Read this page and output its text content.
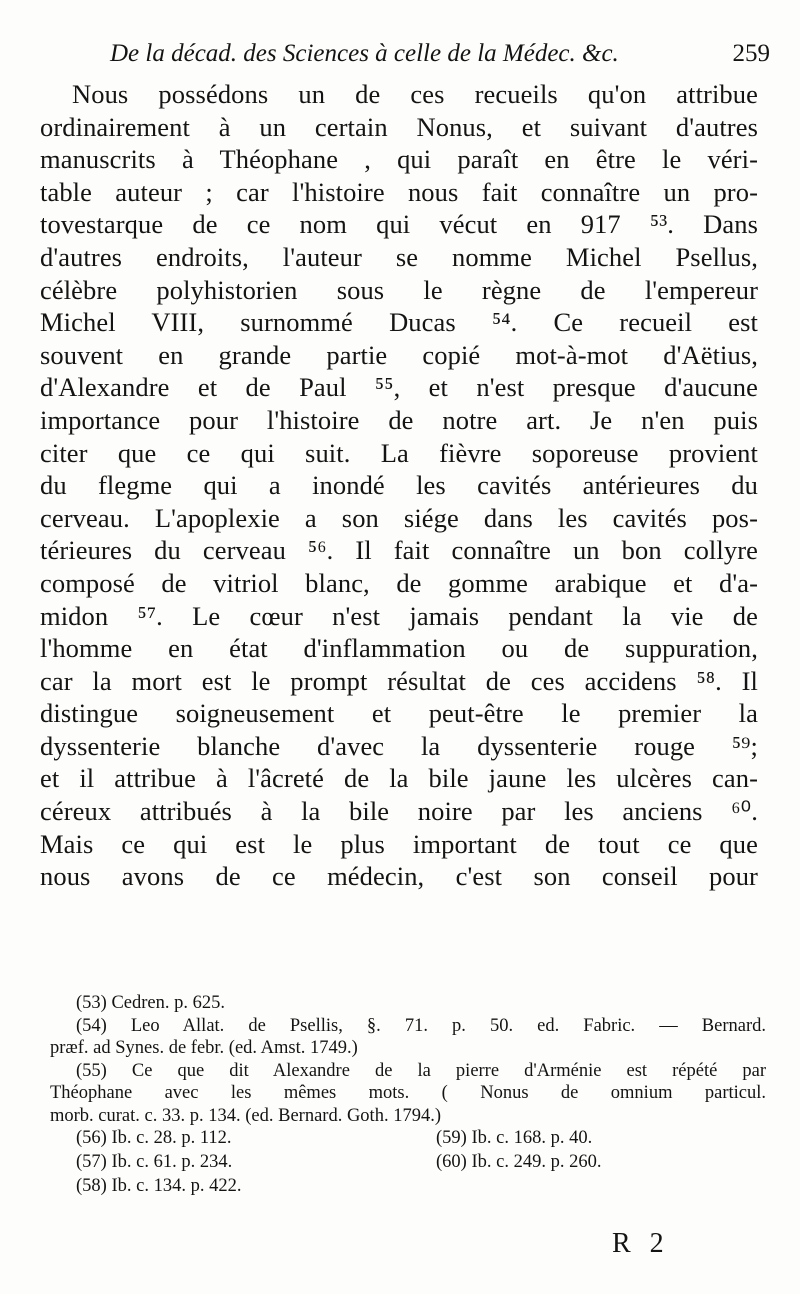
De la décad. des Sciences à celle de la Médec. &c.	259
Nous possédons un de ces recueils qu'on attribue
ordinairement à un certain Nonus, et suivant d'autres
manuscrits à Théophane , qui paraît en être le véri-
table auteur ; car l'histoire nous fait connaître un pro-
tovestarque de ce nom qui vécut en 917 ⁵³. Dans
d'autres endroits, l'auteur se nomme Michel Psellus,
célèbre polyhistorien sous le règne de l'empereur
Michel VIII, surnommé Ducas ⁵⁴. Ce recueil est
souvent en grande partie copié mot-à-mot d'Aëtius,
d'Alexandre et de Paul ⁵⁵, et n'est presque d'aucune
importance pour l'histoire de notre art. Je n'en puis
citer que ce qui suit. La fièvre soporeuse provient
du flegme qui a inondé les cavités antérieures du
cerveau. L'apoplexie a son siége dans les cavités pos-
térieures du cerveau ⁵⁶. Il fait connaître un bon collyre
composé de vitriol blanc, de gomme arabique et d'a-
midon ⁵⁷. Le cœur n'est jamais pendant la vie de
l'homme en état d'inflammation ou de suppuration,
car la mort est le prompt résultat de ces accidens ⁵⁸. Il
distingue soigneusement et peut-être le premier la
dyssenterie blanche d'avec la dyssenterie rouge ⁵⁹;
et il attribue à l'âcreté de la bile jaune les ulcères can-
céreux attribués à la bile noire par les anciens ⁶⁰.
Mais ce qui est le plus important de tout ce que
nous avons de ce médecin, c'est son conseil pour
(53) Cedren. p. 625.
(54) Leo Allat. de Psellis, §. 71. p. 50. ed. Fabric. — Bernard.
præf. ad Synes. de febr. (ed. Amst. 1749.)
(55) Ce que dit Alexandre de la pierre d'Arménie est répété par
Théophane avec les mêmes mots. ( Nonus de omnium particul.
morb. curat. c. 33. p. 134. (ed. Bernard. Goth. 1794.)
(56) Ib. c. 28. p. 112.
(57) Ib. c. 61. p. 234.
(58) Ib. c. 134. p. 422.
(59) Ib. c. 168. p. 40.
(60) Ib. c. 249. p. 260.
R 2
